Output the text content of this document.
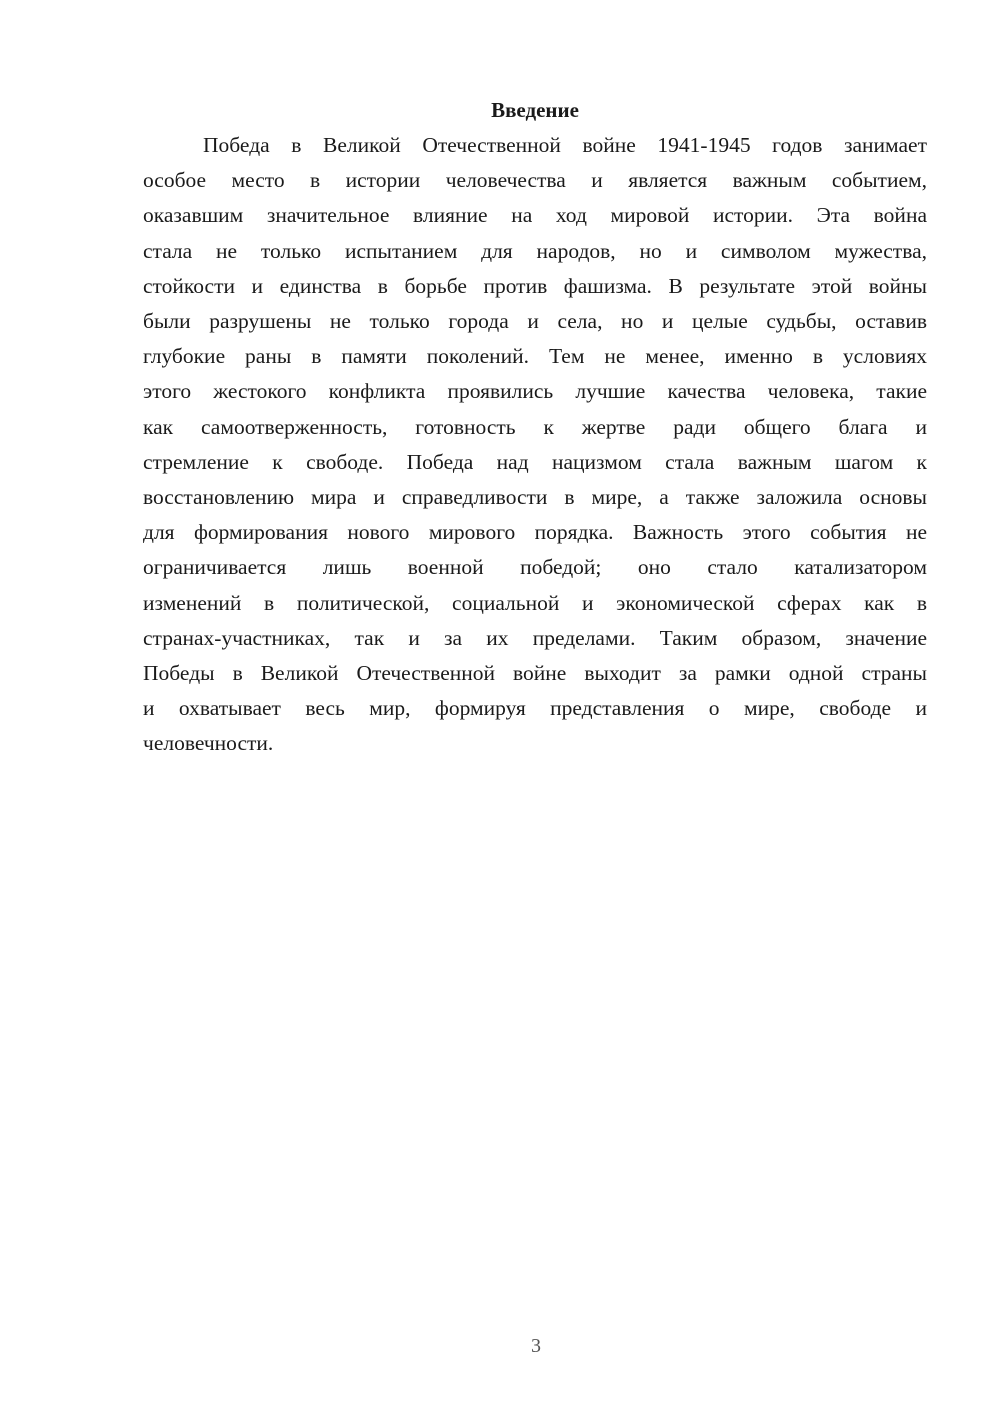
Введение

Победа в Великой Отечественной войне 1941-1945 годов занимает
особое место в истории человечества и является важным событием,
оказавшим значительное влияние на ход мировой истории. Эта война
стала не только испытанием для народов, но и символом мужества,
стойкости и единства в борьбе против фашизма. В результате этой войны
были разрушены не только города и села, но и целые судьбы, оставив
глубокие раны в памяти поколений. Тем не менее, именно в условиях
этого жестокого конфликта проявились лучшие качества человека, такие
как самоотверженность, готовность к жертве ради общего блага и
стремление к свободе. Победа над нацизмом стала важным шагом к
восстановлению мира и справедливости в мире, а также заложила основы
для формирования нового мирового порядка. Важность этого события не
ограничивается лишь военной победой; оно стало катализатором
изменений в политической, социальной и экономической сферах как в
странах-участниках, так и за их пределами. Таким образом, значение
Победы в Великой Отечественной войне выходит за рамки одной страны
и охватывает весь мир, формируя представления о мире, свободе и
человечности.

3
